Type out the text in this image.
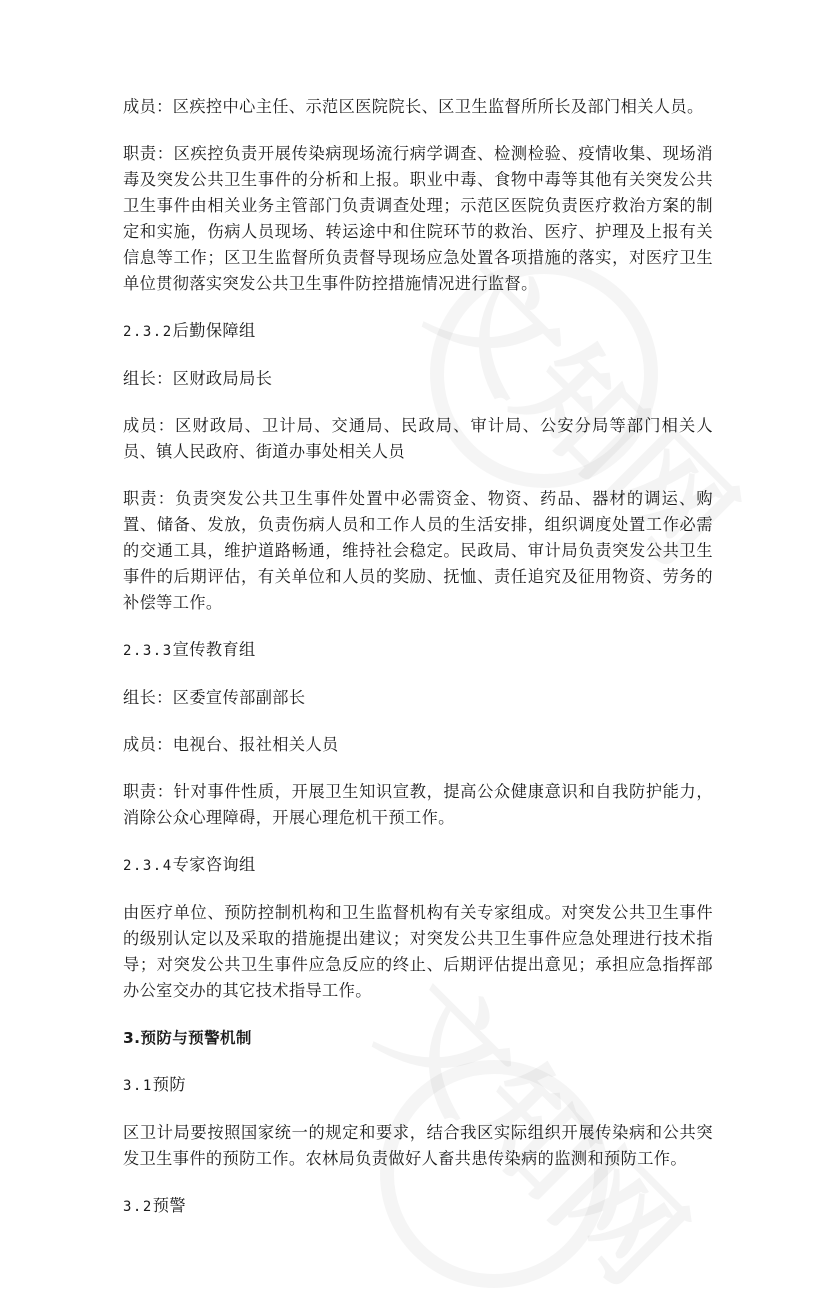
成员：区疾控中心主任、示范区医院院长、区卫生监督所所长及部门相关人员。

职责：区疾控负责开展传染病现场流行病学调查、检测检验、疫情收集、现场消毒及突发公共卫生事件的分析和上报。职业中毒、食物中毒等其他有关突发公共卫生事件由相关业务主管部门负责调查处理；示范区医院负责医疗救治方案的制定和实施，伤病人员现场、转运途中和住院环节的救治、医疗、护理及上报有关信息等工作；区卫生监督所负责督导现场应急处置各项措施的落实，对医疗卫生单位贯彻落实突发公共卫生事件防控措施情况进行监督。

2.3.2后勤保障组

组长：区财政局局长

成员：区财政局、卫计局、交通局、民政局、审计局、公安分局等部门相关人员、镇人民政府、街道办事处相关人员

职责：负责突发公共卫生事件处置中必需资金、物资、药品、器材的调运、购置、储备、发放，负责伤病人员和工作人员的生活安排，组织调度处置工作必需的交通工具，维护道路畅通，维持社会稳定。民政局、审计局负责突发公共卫生事件的后期评估，有关单位和人员的奖励、抚恤、责任追究及征用物资、劳务的补偿等工作。

2.3.3宣传教育组

组长：区委宣传部副部长

成员：电视台、报社相关人员

职责：针对事件性质，开展卫生知识宣教，提高公众健康意识和自我防护能力，消除公众心理障碍，开展心理危机干预工作。

2.3.4专家咨询组

由医疗单位、预防控制机构和卫生监督机构有关专家组成。对突发公共卫生事件的级别认定以及采取的措施提出建议；对突发公共卫生事件应急处理进行技术指导；对突发公共卫生事件应急反应的终止、后期评估提出意见；承担应急指挥部办公室交办的其它技术指导工作。

3.预防与预警机制

3.1预防

区卫计局要按照国家统一的规定和要求，结合我区实际组织开展传染病和公共突发卫生事件的预防工作。农林局负责做好人畜共患传染病的监测和预防工作。

3.2预警
